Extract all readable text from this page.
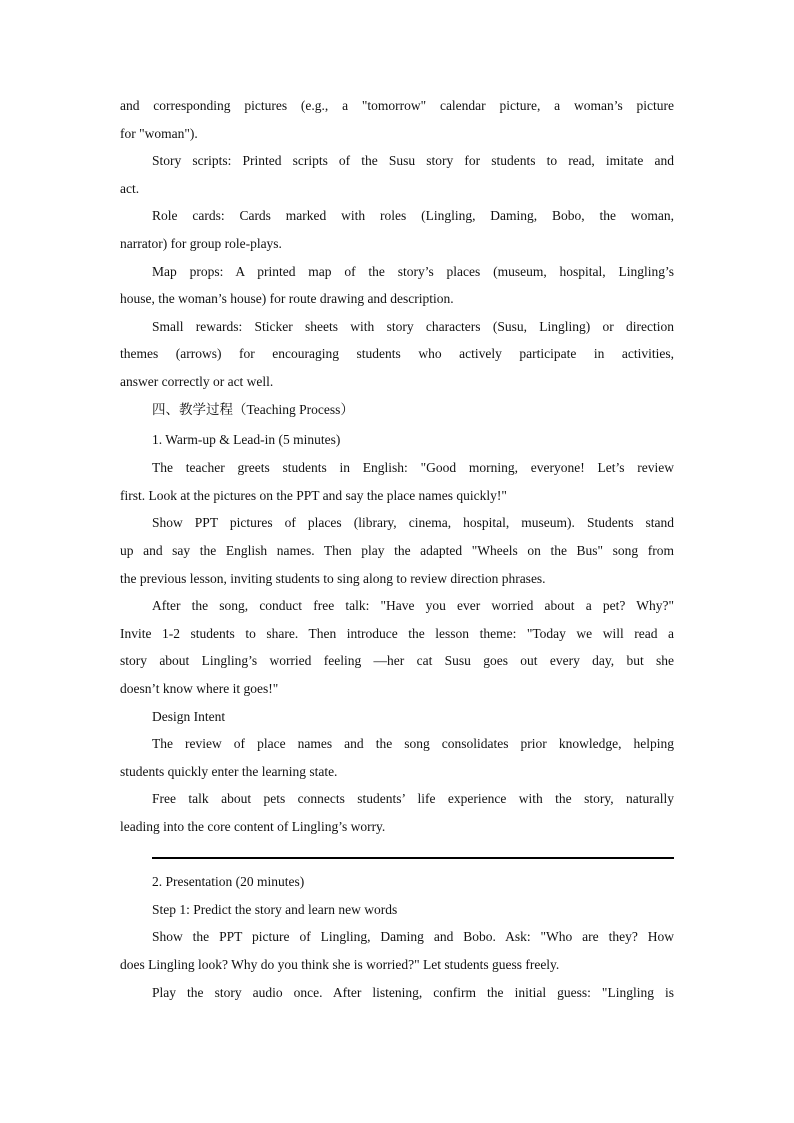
and corresponding pictures (e.g., a "tomorrow" calendar picture, a woman’s picture
for "woman").
Story scripts: Printed scripts of the Susu story for students to read, imitate and
act.
Role cards: Cards marked with roles (Lingling, Daming, Bobo, the woman,
narrator) for group role-plays.
Map props: A printed map of the story’s places (museum, hospital, Lingling’s
house, the woman’s house) for route drawing and description.
Small rewards: Sticker sheets with story characters (Susu, Lingling) or direction
themes (arrows) for encouraging students who actively participate in activities,
answer correctly or act well.
四、教学过程（Teaching Process）
1. Warm-up & Lead-in (5 minutes)
The teacher greets students in English: "Good morning, everyone! Let’s review
first. Look at the pictures on the PPT and say the place names quickly!"
Show PPT pictures of places (library, cinema, hospital, museum). Students stand
up and say the English names. Then play the adapted "Wheels on the Bus" song from
the previous lesson, inviting students to sing along to review direction phrases.
After the song, conduct free talk: "Have you ever worried about a pet? Why?"
Invite 1-2 students to share. Then introduce the lesson theme: "Today we will read a
story about Lingling’s worried feeling —her cat Susu goes out every day, but she
doesn’t know where it goes!"
Design Intent
The review of place names and the song consolidates prior knowledge, helping
students quickly enter the learning state.
Free talk about pets connects students’ life experience with the story, naturally
leading into the core content of Lingling’s worry.
2. Presentation (20 minutes)
Step 1: Predict the story and learn new words
Show the PPT picture of Lingling, Daming and Bobo. Ask: "Who are they? How
does Lingling look? Why do you think she is worried?" Let students guess freely.
Play the story audio once. After listening, confirm the initial guess: "Lingling is
